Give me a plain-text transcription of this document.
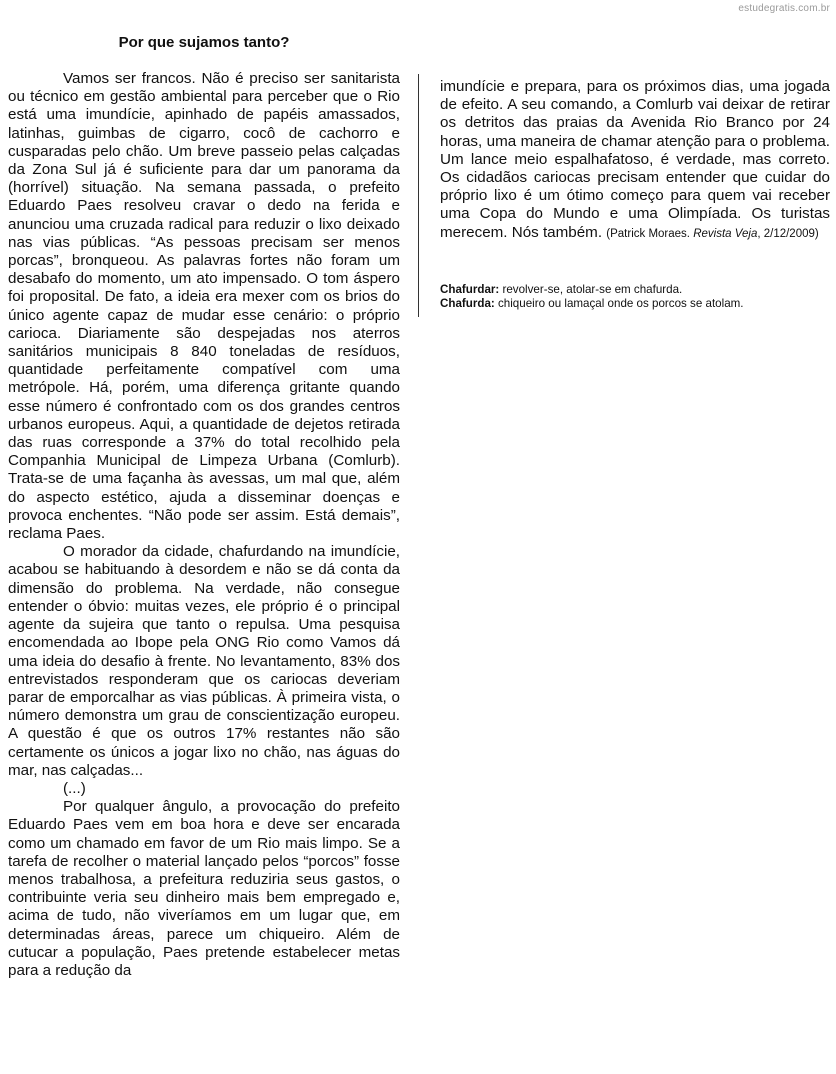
estudegratis.com.br
Por que sujamos tanto?

Vamos ser francos. Não é preciso ser sanitarista ou técnico em gestão ambiental para perceber que o Rio está uma imundície, apinhado de papéis amassados, latinhas, guimbas de cigarro, cocô de cachorro e cusparadas pelo chão. Um breve passeio pelas calçadas da Zona Sul já é suficiente para dar um panorama da (horrível) situação. Na semana passada, o prefeito Eduardo Paes resolveu cravar o dedo na ferida e anunciou uma cruzada radical para reduzir o lixo deixado nas vias públicas. “As pessoas precisam ser menos porcas”, bronqueou. As palavras fortes não foram um desabafo do momento, um ato impensado. O tom áspero foi proposital. De fato, a ideia era mexer com os brios do único agente capaz de mudar esse cenário: o próprio carioca. Diariamente são despejadas nos aterros sanitários municipais 8 840 toneladas de resíduos, quantidade perfeitamente compatível com uma metrópole. Há, porém, uma diferença gritante quando esse número é confrontado com os dos grandes centros urbanos europeus. Aqui, a quantidade de dejetos retirada das ruas corresponde a 37% do total recolhido pela Companhia Municipal de Limpeza Urbana (Comlurb). Trata-se de uma façanha às avessas, um mal que, além do aspecto estético, ajuda a disseminar doenças e provoca enchentes. “Não pode ser assim. Está demais”, reclama Paes.

O morador da cidade, chafurdando na imundície, acabou se habituando à desordem e não se dá conta da dimensão do problema. Na verdade, não consegue entender o óbvio: muitas vezes, ele próprio é o principal agente da sujeira que tanto o repulsa. Uma pesquisa encomendada ao Ibope pela ONG Rio como Vamos dá uma ideia do desafio à frente. No levantamento, 83% dos entrevistados responderam que os cariocas deveriam parar de emporcalhar as vias públicas. À primeira vista, o número demonstra um grau de conscientização europeu. A questão é que os outros 17% restantes não são certamente os únicos a jogar lixo no chão, nas águas do mar, nas calçadas...

(...)

Por qualquer ângulo, a provocação do prefeito Eduardo Paes vem em boa hora e deve ser encarada como um chamado em favor de um Rio mais limpo. Se a tarefa de recolher o material lançado pelos “porcos” fosse menos trabalhosa, a prefeitura reduziria seus gastos, o contribuinte veria seu dinheiro mais bem empregado e, acima de tudo, não viveríamos em um lugar que, em determinadas áreas, parece um chiqueiro. Além de cutucar a população, Paes pretende estabelecer metas para a redução da

imundície e prepara, para os próximos dias, uma jogada de efeito. A seu comando, a Comlurb vai deixar de retirar os detritos das praias da Avenida Rio Branco por 24 horas, uma maneira de chamar atenção para o problema. Um lance meio espalhafatoso, é verdade, mas correto. Os cidadãos cariocas precisam entender que cuidar do próprio lixo é um ótimo começo para quem vai receber uma Copa do Mundo e uma Olimpíada. Os turistas merecem. Nós também. (Patrick Moraes. Revista Veja, 2/12/2009)

Chafurdar: revolver-se, atolar-se em chafurda.
Chafurda: chiqueiro ou lamaçal onde os porcos se atolam.
